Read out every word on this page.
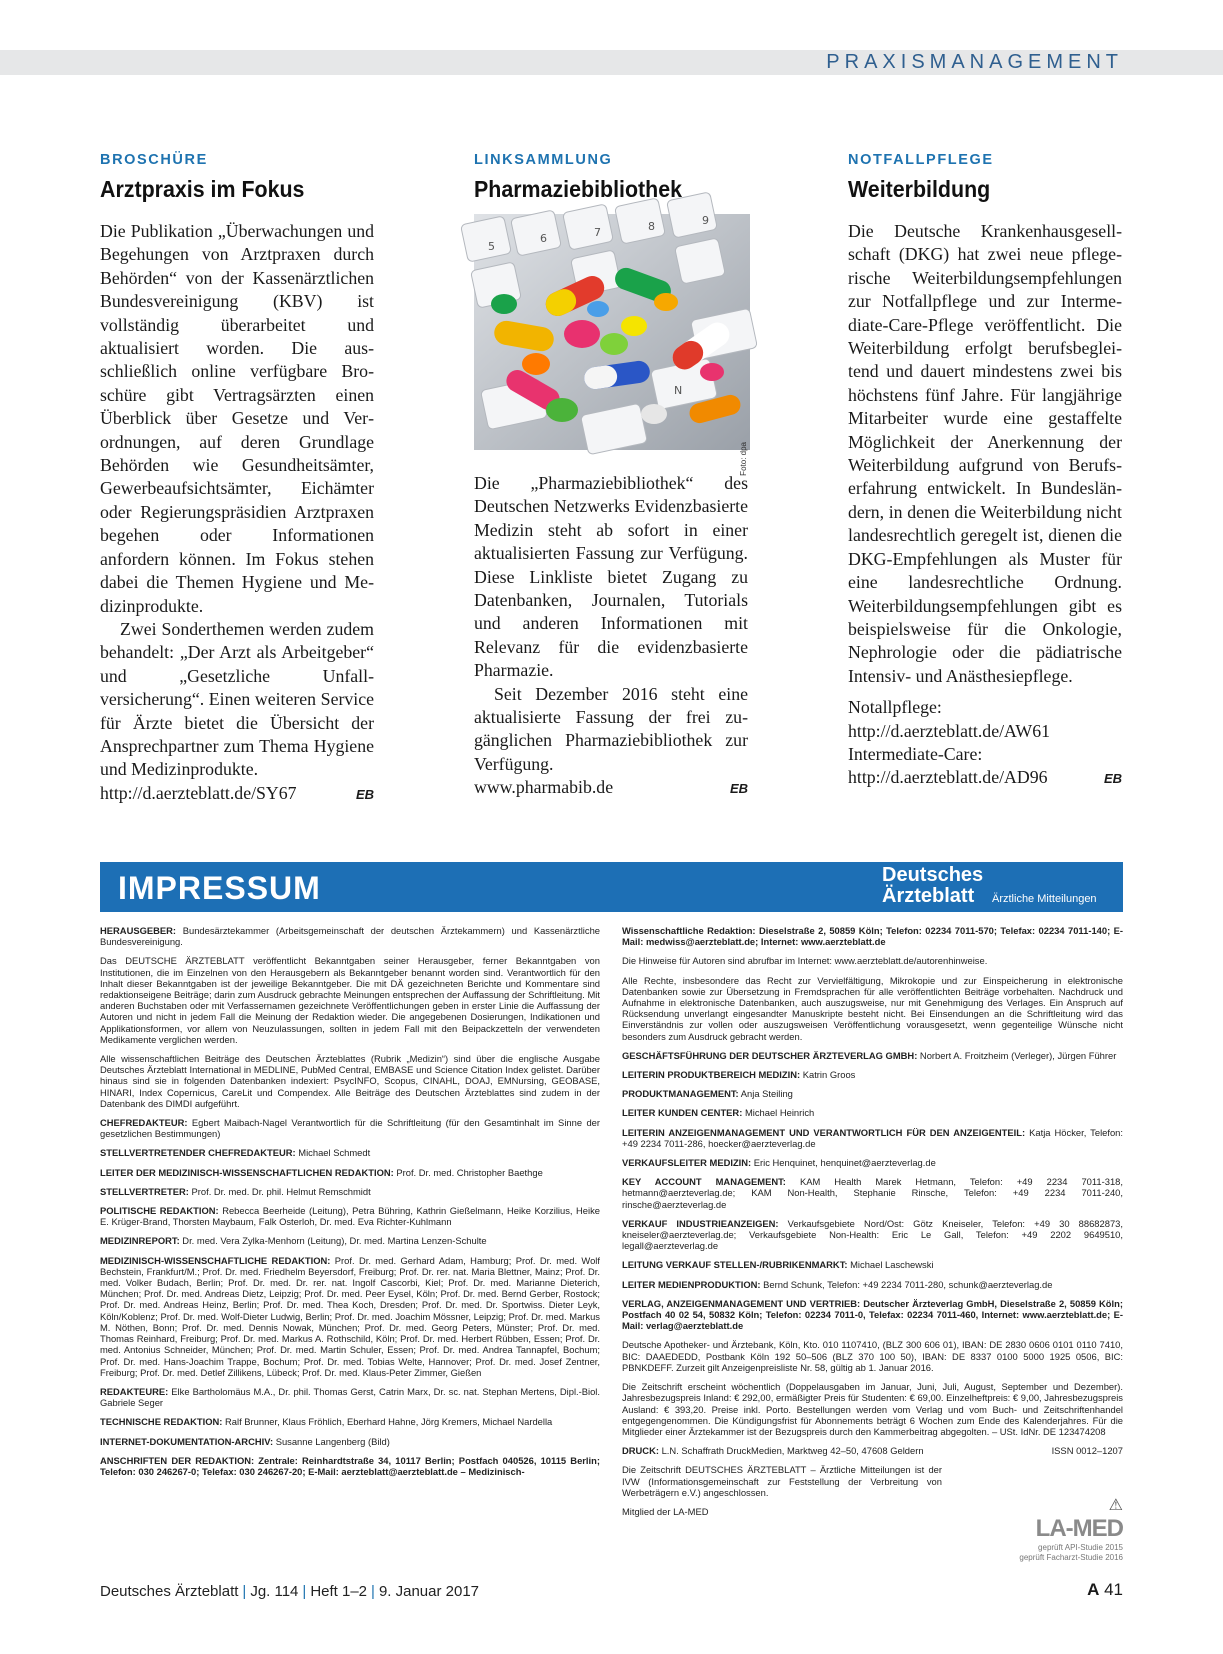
PRAXISMANAGEMENT

BROSCHÜRE

Arztpraxis im Fokus

Die Publikation „Überwachungen und Begehungen von Arztpraxen durch Behörden“ von der Kassenärztlichen Bundesvereinigung (KBV) ist vollständig überarbeitet und aktualisiert worden. Die ausschließlich online verfügbare Broschüre gibt Vertragsärzten einen Überblick über Gesetze und Verordnungen, auf deren Grundlage Behörden wie Gesundheitsämter, Gewerbeaufsichtsämter, Eichämter oder Regierungspräsidien Arztpraxen begehen oder Informationen anfordern können. Im Fokus stehen dabei die Themen Hygiene und Medizinprodukte.

Zwei Sonderthemen werden zudem behandelt: „Der Arzt als Arbeitgeber“ und „Gesetzliche Unfallversicherung“. Einen weiteren Service für Ärzte bietet die Übersicht der Ansprechpartner zum Thema Hygiene und Medizinprodukte.

http://d.aerzteblatt.de/SY67	EB

LINKSAMMLUNG

Pharmaziebibliothek

5
6	7	8	9
N
Foto: dpa

Die „Pharmaziebibliothek“ des Deutschen Netzwerks Evidenzbasierte Medizin steht ab sofort in einer aktualisierten Fassung zur Verfügung. Diese Linkliste bietet Zugang zu Datenbanken, Journalen, Tutorials und anderen Informationen mit Relevanz für die evidenzbasierte Pharmazie.

Seit Dezember 2016 steht eine aktualisierte Fassung der frei zugänglichen Pharmaziebibliothek zur Verfügung.

www.pharmabib.de	EB

NOTFALLPFLEGE

Weiterbildung

Die Deutsche Krankenhausgesellschaft (DKG) hat zwei neue pflegerische Weiterbildungsempfehlungen zur Notfallpflege und zur Intermediate-Care-Pflege veröffentlicht. Die Weiterbildung erfolgt berufsbegleitend und dauert mindestens zwei bis höchstens fünf Jahre. Für langjährige Mitarbeiter wurde eine gestaffelte Möglichkeit der Anerkennung der Weiterbildung aufgrund von Berufserfahrung entwickelt. In Bundesländern, in denen die Weiterbildung nicht landesrechtlich geregelt ist, dienen die DKG-Empfehlungen als Muster für eine landesrechtliche Ordnung. Weiterbildungsempfehlungen gibt es beispielsweise für die Onkologie, Nephrologie oder die pädiatrische Intensiv- und Anästhesiepflege.

Notallpflege:

http://d.aerzteblatt.de/AW61

Intermediate-Care:

http://d.aerzteblatt.de/AD96	EB
IMPRESSUM	Deutsches
Ärzteblatt Ärztliche Mitteilungen

HERAUSGEBER: Bundesärztekammer (Arbeitsgemeinschaft der deutschen Ärztekammern) und Kassenärztliche Bundesvereinigung.

Das DEUTSCHE ÄRZTEBLATT veröffentlicht Bekanntgaben seiner Herausgeber, ferner Bekanntgaben von Institutionen, die im Einzelnen von den Herausgebern als Bekanntgeber benannt worden sind. Verantwortlich für den Inhalt dieser Bekanntgaben ist der jeweilige Bekanntgeber. Die mit DÄ gezeichneten Berichte und Kommentare sind redaktionseigene Beiträge; darin zum Ausdruck gebrachte Meinungen entsprechen der Auffassung der Schriftleitung. Mit anderen Buchstaben oder mit Verfassernamen gezeichnete Veröffentlichungen geben in erster Linie die Auffassung der Autoren und nicht in jedem Fall die Meinung der Redaktion wieder. Die angegebenen Dosierungen, Indikationen und Applikationsformen, vor allem von Neuzulassungen, sollten in jedem Fall mit den Beipackzetteln der verwendeten Medikamente verglichen werden.

Alle wissenschaftlichen Beiträge des Deutschen Ärzteblattes (Rubrik „Medizin“) sind über die englische Ausgabe Deutsches Ärzteblatt International in MEDLINE, PubMed Central, EMBASE und Science Citation Index gelistet. Darüber hinaus sind sie in folgenden Datenbanken indexiert: PsycINFO, Scopus, CINAHL, DOAJ, EMNursing, GEOBASE, HINARI, Index Copernicus, CareLit und Compendex. Alle Beiträge des Deutschen Ärzteblattes sind zudem in der Datenbank des DIMDI aufgeführt.

CHEFREDAKTEUR: Egbert Maibach-Nagel Verantwortlich für die Schriftleitung (für den Gesamtinhalt im Sinne der gesetzlichen Bestimmungen)

STELLVERTRETENDER CHEFREDAKTEUR: Michael Schmedt

LEITER DER MEDIZINISCH-WISSENSCHAFTLICHEN REDAKTION: Prof. Dr. med. Christopher Baethge

STELLVERTRETER: Prof. Dr. med. Dr. phil. Helmut Remschmidt

POLITISCHE REDAKTION: Rebecca Beerheide (Leitung), Petra Bühring, Kathrin Gießelmann, Heike Korzilius, Heike E. Krüger-Brand, Thorsten Maybaum, Falk Osterloh, Dr. med. Eva Richter-Kuhlmann

MEDIZINREPORT: Dr. med. Vera Zylka-Menhorn (Leitung), Dr. med. Martina Lenzen-Schulte

MEDIZINISCH-WISSENSCHAFTLICHE REDAKTION: Prof. Dr. med. Gerhard Adam, Hamburg; Prof. Dr. med. Wolf Bechstein, Frankfurt/M.; Prof. Dr. med. Friedhelm Beyersdorf, Freiburg; Prof. Dr. rer. nat. Maria Blettner, Mainz; Prof. Dr. med. Volker Budach, Berlin; Prof. Dr. med. Dr. rer. nat. Ingolf Cascorbi, Kiel; Prof. Dr. med. Marianne Dieterich, München; Prof. Dr. med. Andreas Dietz, Leipzig; Prof. Dr. med. Peer Eysel, Köln; Prof. Dr. med. Bernd Gerber, Rostock; Prof. Dr. med. Andreas Heinz, Berlin; Prof. Dr. med. Thea Koch, Dresden; Prof. Dr. med. Dr. Sportwiss. Dieter Leyk, Köln/Koblenz; Prof. Dr. med. Wolf-Dieter Ludwig, Berlin; Prof. Dr. med. Joachim Mössner, Leipzig; Prof. Dr. med. Markus M. Nöthen, Bonn; Prof. Dr. med. Dennis Nowak, München; Prof. Dr. med. Georg Peters, Münster; Prof. Dr. med. Thomas Reinhard, Freiburg; Prof. Dr. med. Markus A. Rothschild, Köln; Prof. Dr. med. Herbert Rübben, Essen; Prof. Dr. med. Antonius Schneider, München; Prof. Dr. med. Martin Schuler, Essen; Prof. Dr. med. Andrea Tannapfel, Bochum; Prof. Dr. med. Hans-Joachim Trappe, Bochum; Prof. Dr. med. Tobias Welte, Hannover; Prof. Dr. med. Josef Zentner, Freiburg; Prof. Dr. med. Detlef Zillikens, Lübeck; Prof. Dr. med. Klaus-Peter Zimmer, Gießen

REDAKTEURE: Elke Bartholomäus M.A., Dr. phil. Thomas Gerst, Catrin Marx, Dr. sc. nat. Stephan Mertens, Dipl.-Biol. Gabriele Seger

TECHNISCHE REDAKTION: Ralf Brunner, Klaus Fröhlich, Eberhard Hahne, Jörg Kremers, Michael Nardella

INTERNET-DOKUMENTATION-ARCHIV: Susanne Langenberg (Bild)

ANSCHRIFTEN DER REDAKTION: Zentrale: Reinhardtstraße 34, 10117 Berlin; Postfach 040526, 10115 Berlin; Telefon: 030 246267-0; Telefax: 030 246267-20; E-Mail: aerzteblatt@aerzteblatt.de – Medizinisch-

Wissenschaftliche Redaktion: Dieselstraße 2, 50859 Köln; Telefon: 02234 7011-570; Telefax: 02234 7011-140; E-Mail: medwiss@aerzteblatt.de; Internet: www.aerzteblatt.de

Die Hinweise für Autoren sind abrufbar im Internet: www.aerzteblatt.de/autorenhinweise.

Alle Rechte, insbesondere das Recht zur Vervielfältigung, Mikrokopie und zur Einspeicherung in elektronische Datenbanken sowie zur Übersetzung in Fremdsprachen für alle veröffentlichten Beiträge vorbehalten. Nachdruck und Aufnahme in elektronische Datenbanken, auch auszugsweise, nur mit Genehmigung des Verlages. Ein Anspruch auf Rücksendung unverlangt eingesandter Manuskripte besteht nicht. Bei Einsendungen an die Schriftleitung wird das Einverständnis zur vollen oder auszugsweisen Veröffentlichung vorausgesetzt, wenn gegenteilige Wünsche nicht besonders zum Ausdruck gebracht werden.

GESCHÄFTSFÜHRUNG DER DEUTSCHER ÄRZTEVERLAG GMBH: Norbert A. Froitzheim (Verleger), Jürgen Führer

LEITERIN PRODUKTBEREICH MEDIZIN: Katrin Groos

PRODUKTMANAGEMENT: Anja Steiling

LEITER KUNDEN CENTER: Michael Heinrich

LEITERIN ANZEIGENMANAGEMENT UND VERANTWORTLICH FÜR DEN ANZEIGENTEIL: Katja Höcker, Telefon: +49 2234 7011-286, hoecker@aerzteverlag.de

VERKAUFSLEITER MEDIZIN: Eric Henquinet, henquinet@aerzteverlag.de

KEY ACCOUNT MANAGEMENT: KAM Health Marek Hetmann, Telefon: +49 2234 7011-318, hetmann@aerzteverlag.de; KAM Non-Health, Stephanie Rinsche, Telefon: +49 2234 7011-240, rinsche@aerzteverlag.de

VERKAUF INDUSTRIEANZEIGEN: Verkaufsgebiete Nord/Ost: Götz Kneiseler, Telefon: +49 30 88682873, kneiseler@aerzteverlag.de; Verkaufsgebiete Non-Health: Eric Le Gall, Telefon: +49 2202 9649510, legall@aerzteverlag.de

LEITUNG VERKAUF STELLEN-/RUBRIKENMARKT: Michael Laschewski

LEITER MEDIENPRODUKTION: Bernd Schunk, Telefon: +49 2234 7011-280, schunk@aerzteverlag.de

VERLAG, ANZEIGENMANAGEMENT UND VERTRIEB: Deutscher Ärzteverlag GmbH, Dieselstraße 2, 50859 Köln; Postfach 40 02 54, 50832 Köln; Telefon: 02234 7011-0, Telefax: 02234 7011-460, Internet: www.aerzteblatt.de; E-Mail: verlag@aerzteblatt.de

Deutsche Apotheker- und Ärztebank, Köln, Kto. 010 1107410, (BLZ 300 606 01), IBAN: DE 2830 0606 0101 0110 7410, BIC: DAAEDEDD, Postbank Köln 192 50–506 (BLZ 370 100 50), IBAN: DE 8337 0100 5000 1925 0506, BIC: PBNKDEFF. Zurzeit gilt Anzeigenpreisliste Nr. 58, gültig ab 1. Januar 2016.

Die Zeitschrift erscheint wöchentlich (Doppelausgaben im Januar, Juni, Juli, August, September und Dezember). Jahresbezugspreis Inland: € 292,00, ermäßigter Preis für Studenten: € 69,00. Einzelheftpreis: € 9,00, Jahresbezugspreis Ausland: € 393,20. Preise inkl. Porto. Bestellungen werden vom Verlag und vom Buch- und Zeitschriftenhandel entgegengenommen. Die Kündigungsfrist für Abonnements beträgt 6 Wochen zum Ende des Kalenderjahres. Für die Mitglieder einer Ärztekammer ist der Bezugspreis durch den Kammerbeitrag abgegolten. – USt. IdNr. DE 123474208

DRUCK: L.N. Schaffrath DruckMedien, Marktweg 42–50, 47608 Geldern	ISSN 0012–1207

Die Zeitschrift DEUTSCHES ÄRZTEBLATT – Ärztliche Mitteilungen ist der IVW (Informationsgemeinschaft zur Feststellung der Verbreitung von Werbeträgern e.V.) angeschlossen.

Mitglied der LA-MED	⚠
LA-MED
geprüft API-Studie 2015
geprüft Facharzt-Studie 2016
Deutsches Ärzteblatt | Jg. 114 | Heft 1–2 | 9. Januar 2017	A 41
